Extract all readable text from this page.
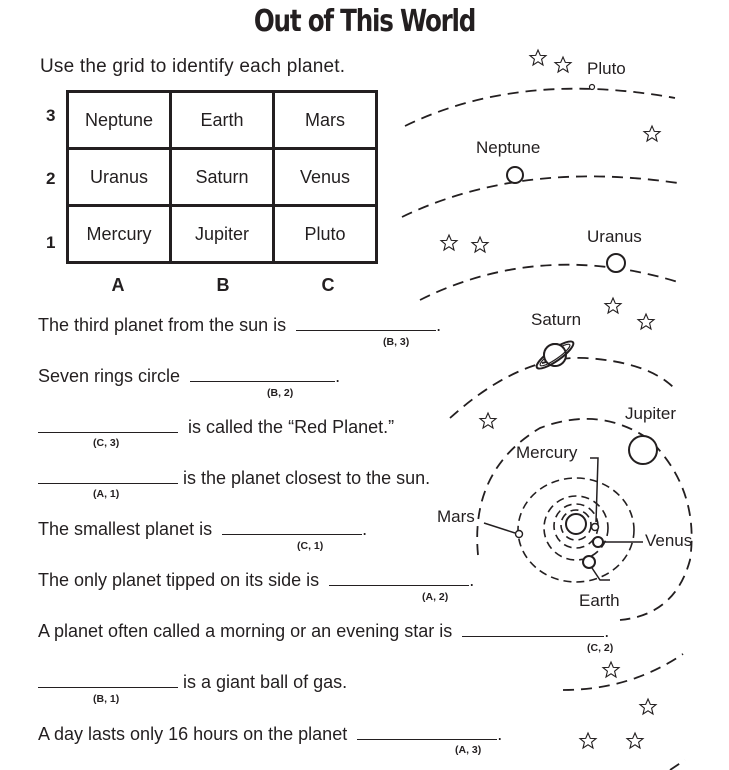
Out of This World
Use the grid to identify each planet.
3
2
1
Neptune	Earth	Mars
Uranus	Saturn	Venus
Mercury	Jupiter	Pluto
A	B	C
The third planet from the sun is	.
(B, 3)
Seven rings circle	.
(B, 2)
is called the “Red Planet.”
(C, 3)
is the planet closest to the sun.
(A, 1)
The smallest planet is	.
(C, 1)
The only planet tipped on its side is	.
(A, 2)
A planet often called a morning or an evening star is	.
(C, 2)
is a giant ball of gas.
(B, 1)
A day lasts only 16 hours on the planet	.
(A, 3)
Pluto
Neptune
Uranus
Saturn
Jupiter
Mercury
Mars
Venus
Earth
